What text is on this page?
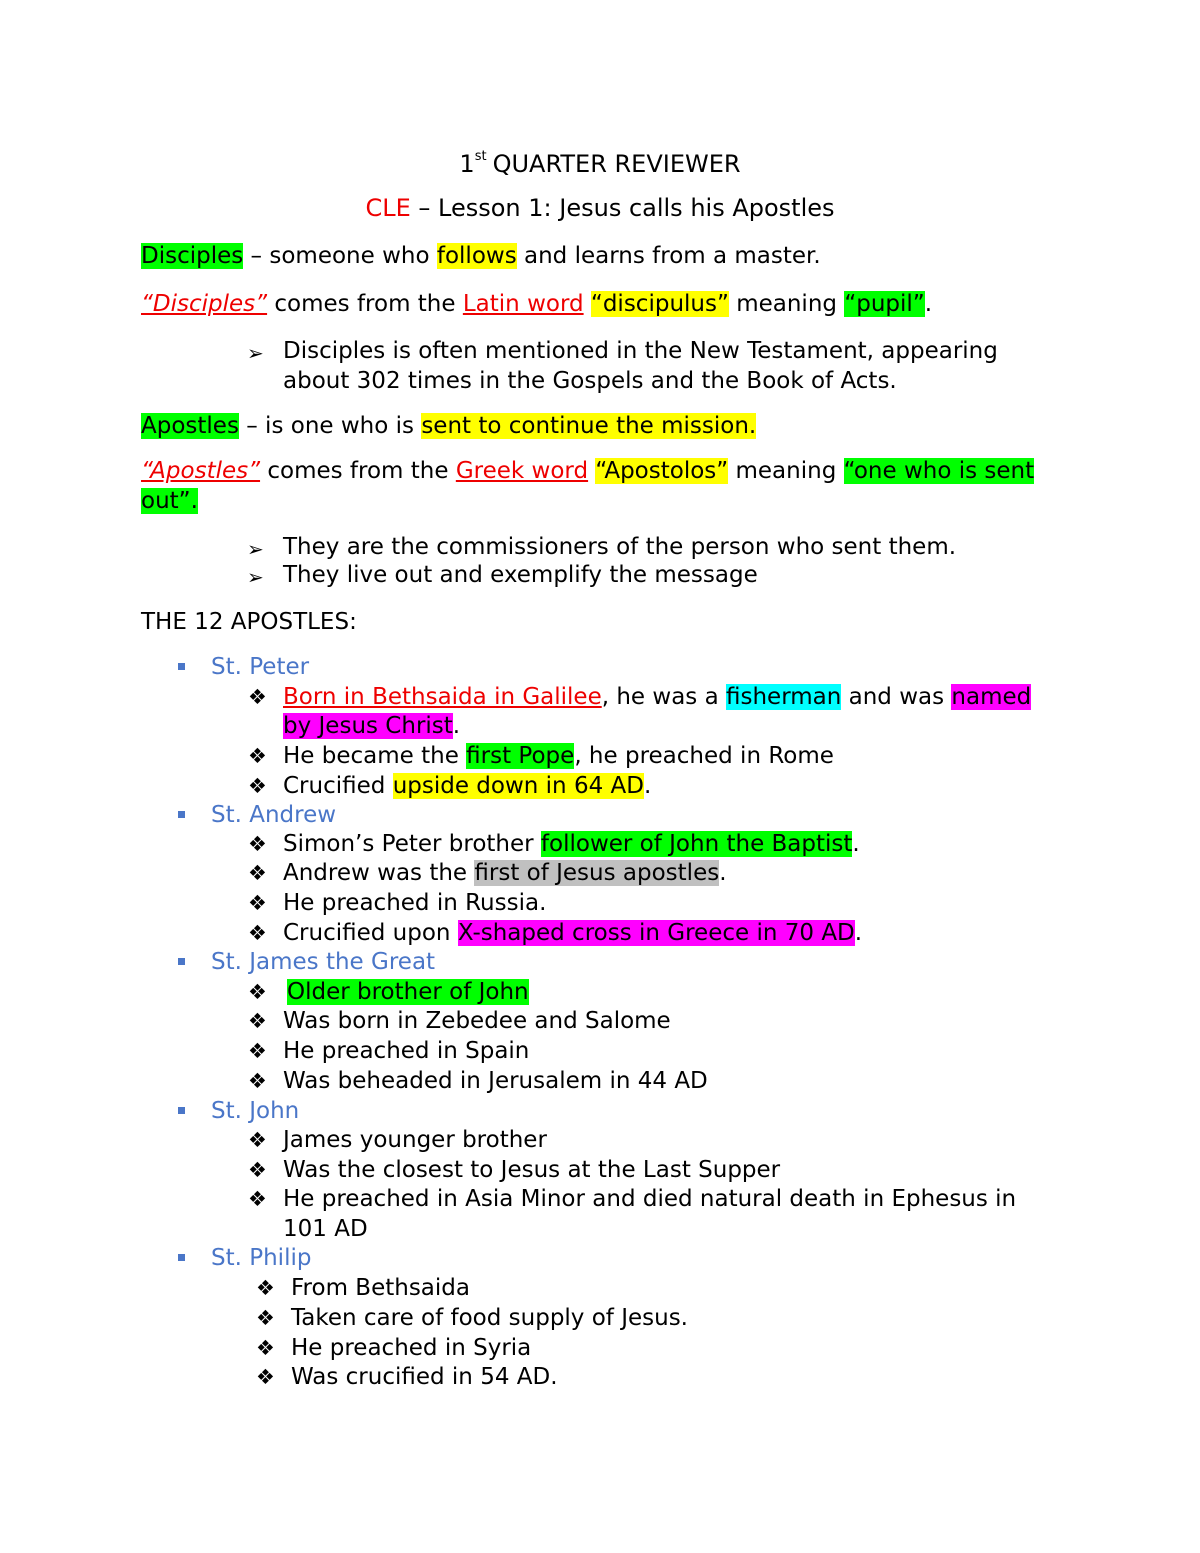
1st QUARTER REVIEWER
CLE – Lesson 1: Jesus calls his Apostles
Disciples – someone who follows and learns from a master.
“Disciples” comes from the Latin word “discipulus” meaning “pupil”.
➢ Disciples is often mentioned in the New Testament, appearing
about 302 times in the Gospels and the Book of Acts.
Apostles – is one who is sent to continue the mission.
“Apostles” comes from the Greek word “Apostolos” meaning “one who is sent
out”.
➢ They are the commissioners of the person who sent them.
➢ They live out and exemplify the message
THE 12 APOSTLES:
St. Peter
❖ Born in Bethsaida in Galilee, he was a fisherman and was named
by Jesus Christ.
❖ He became the first Pope, he preached in Rome
❖ Crucified upside down in 64 AD.
St. Andrew
❖ Simon’s Peter brother follower of John the Baptist.
❖ Andrew was the first of Jesus apostles.
❖ He preached in Russia.
❖ Crucified upon X-shaped cross in Greece in 70 AD.
St. James the Great
❖ Older brother of John
❖ Was born in Zebedee and Salome
❖ He preached in Spain
❖ Was beheaded in Jerusalem in 44 AD
St. John
❖ James younger brother
❖ Was the closest to Jesus at the Last Supper
❖ He preached in Asia Minor and died natural death in Ephesus in
101 AD
St. Philip
❖ From Bethsaida
❖ Taken care of food supply of Jesus.
❖ He preached in Syria
❖ Was crucified in 54 AD.
